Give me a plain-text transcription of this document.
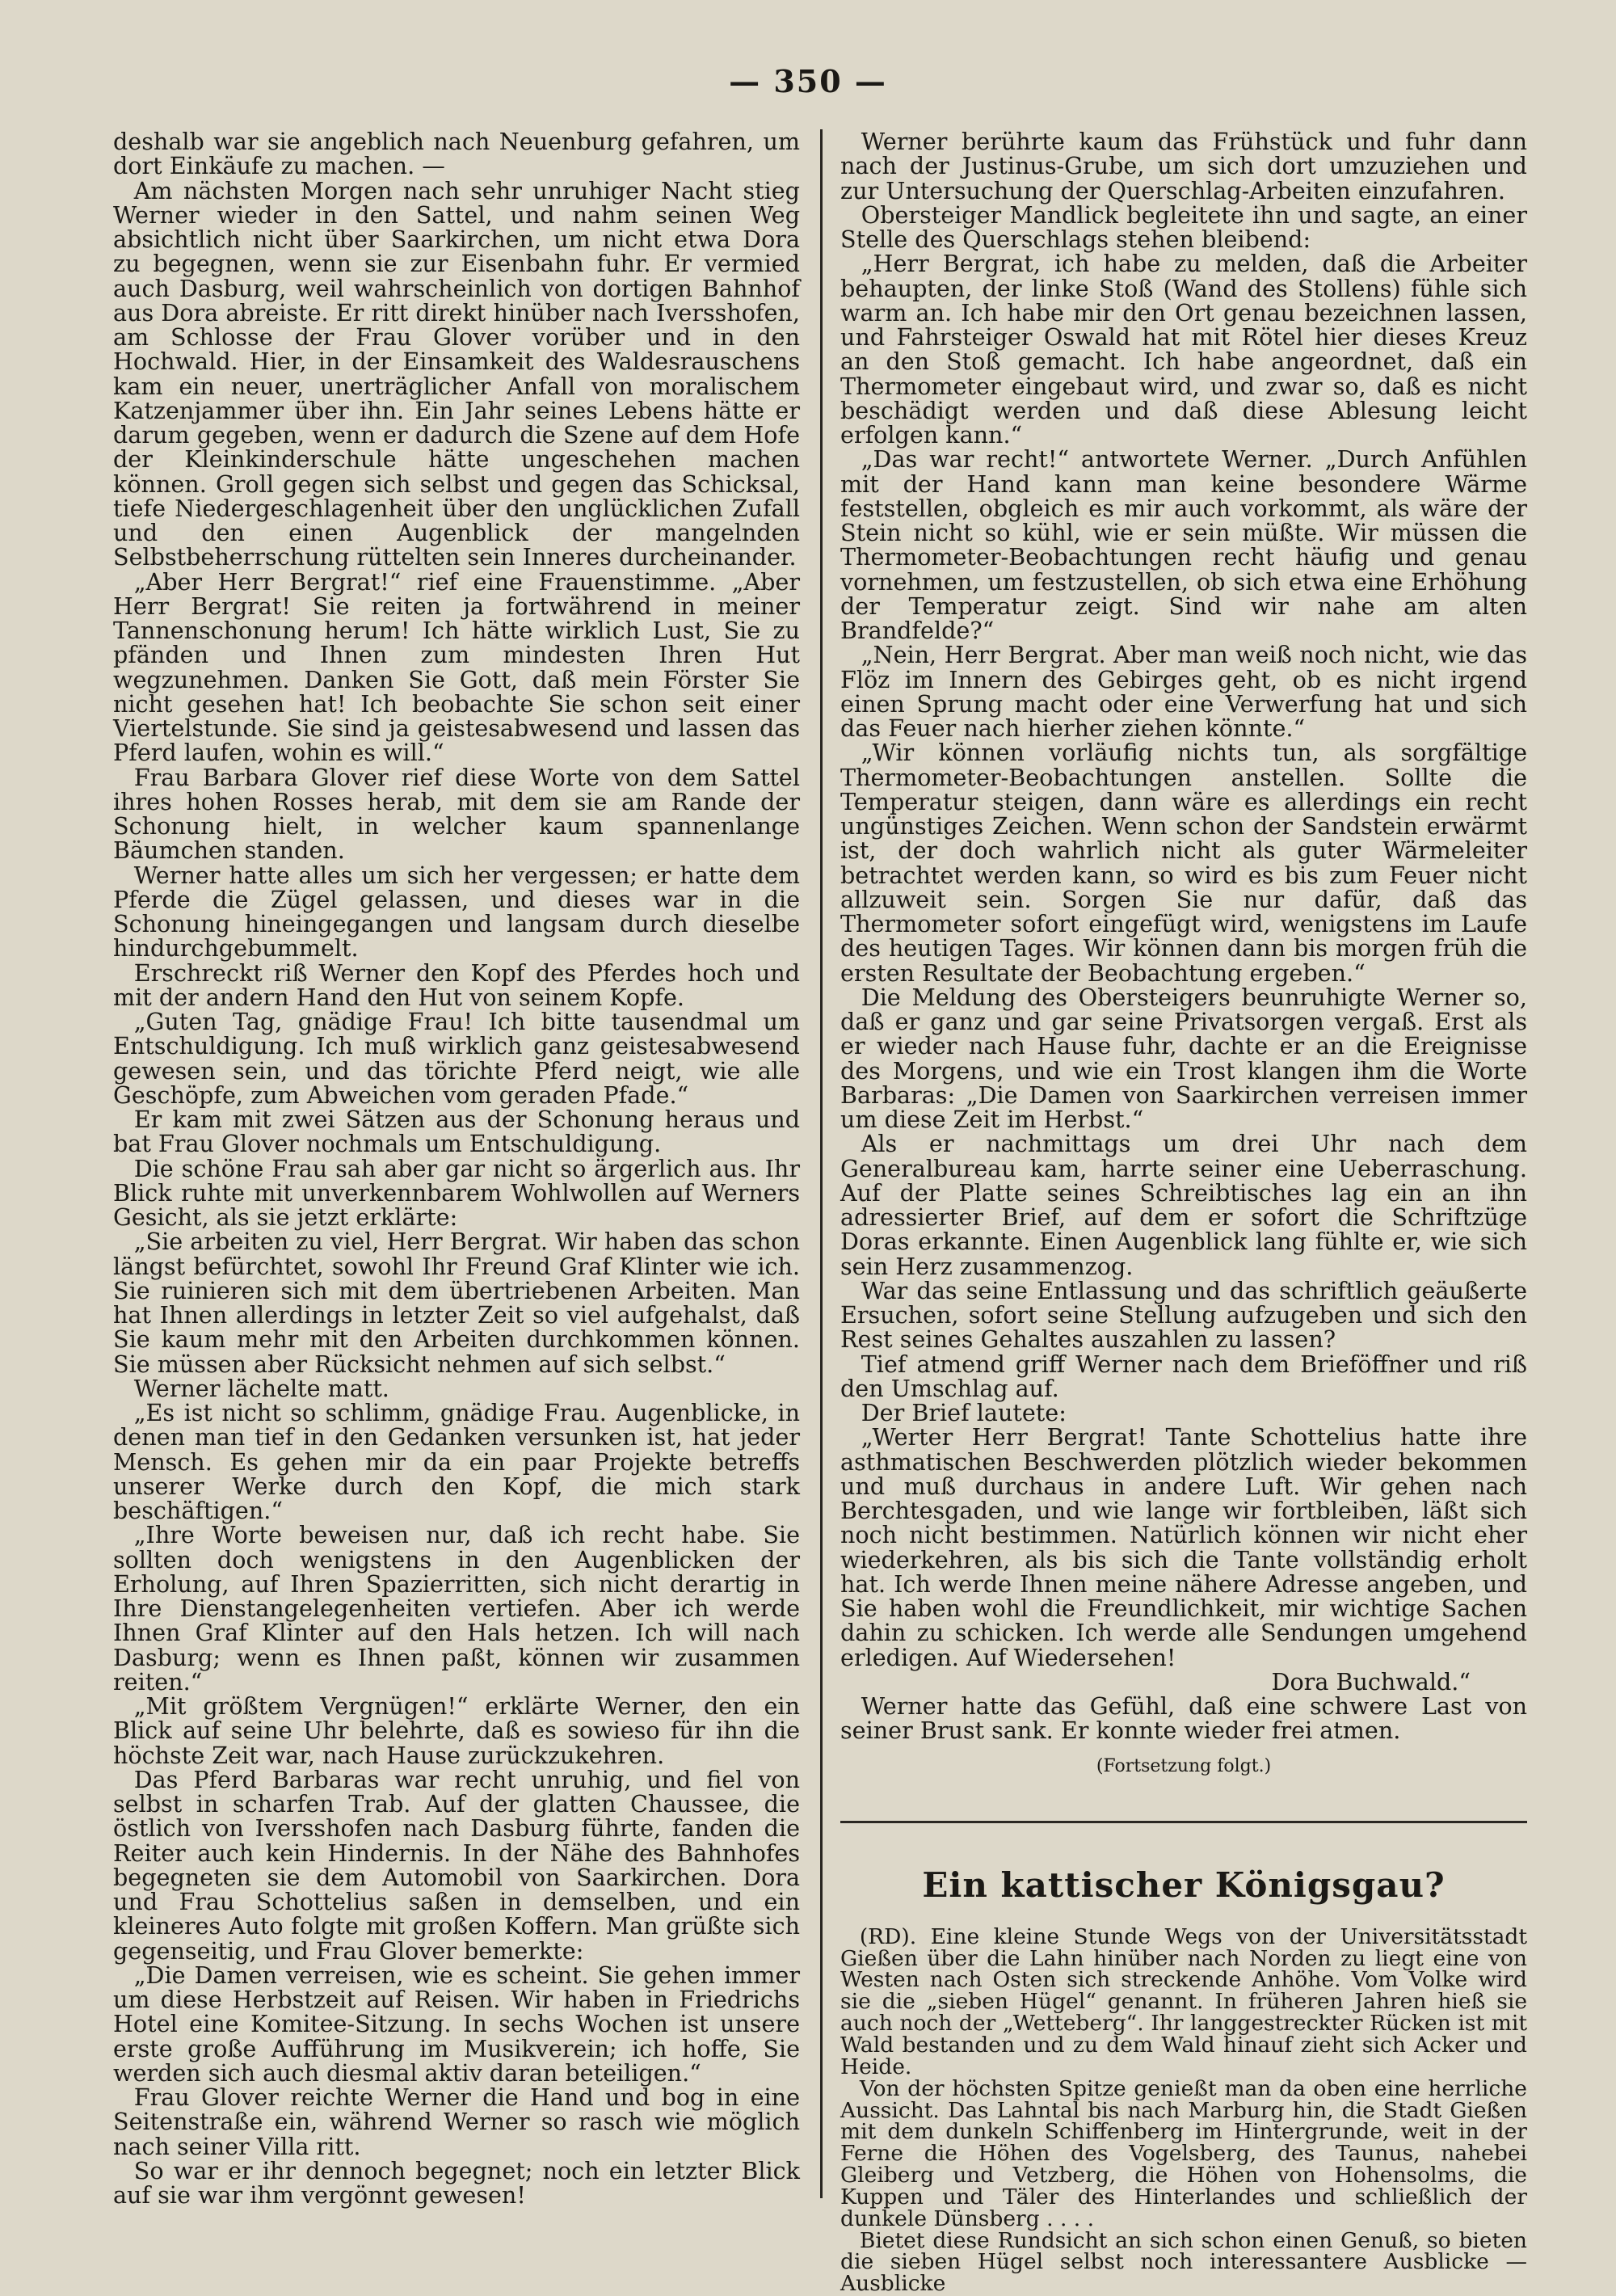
— 350 —

deshalb war sie angeblich nach Neuenburg gefahren, um dort Einkäufe zu machen. —

Am nächsten Morgen nach sehr unruhiger Nacht stieg Werner wieder in den Sattel, und nahm seinen Weg absichtlich nicht über Saarkirchen, um nicht etwa Dora zu begegnen, wenn sie zur Eisenbahn fuhr. Er vermied auch Dasburg, weil wahrscheinlich von dortigen Bahnhof aus Dora abreiste. Er ritt direkt hinüber nach Iversshofen, am Schlosse der Frau Glover vorüber und in den Hochwald. Hier, in der Einsamkeit des Waldesrauschens kam ein neuer, unerträglicher Anfall von moralischem Katzenjammer über ihn. Ein Jahr seines Lebens hätte er darum gegeben, wenn er dadurch die Szene auf dem Hofe der Kleinkinderschule hätte ungeschehen machen können. Groll gegen sich selbst und gegen das Schicksal, tiefe Niedergeschlagenheit über den unglücklichen Zufall und den einen Augenblick der mangelnden Selbstbeherrschung rüttelten sein Inneres durcheinander.

„Aber Herr Bergrat!“ rief eine Frauenstimme. „Aber Herr Bergrat! Sie reiten ja fortwährend in meiner Tannenschonung herum! Ich hätte wirklich Lust, Sie zu pfänden und Ihnen zum mindesten Ihren Hut wegzunehmen. Danken Sie Gott, daß mein Förster Sie nicht gesehen hat! Ich beobachte Sie schon seit einer Viertelstunde. Sie sind ja geistesabwesend und lassen das Pferd laufen, wohin es will.“

Frau Barbara Glover rief diese Worte von dem Sattel ihres hohen Rosses herab, mit dem sie am Rande der Schonung hielt, in welcher kaum spannenlange Bäumchen standen.

Werner hatte alles um sich her vergessen; er hatte dem Pferde die Zügel gelassen, und dieses war in die Schonung hineingegangen und langsam durch dieselbe hindurchgebummelt.

Erschreckt riß Werner den Kopf des Pferdes hoch und mit der andern Hand den Hut von seinem Kopfe.

„Guten Tag, gnädige Frau! Ich bitte tausendmal um Entschuldigung. Ich muß wirklich ganz geistesabwesend gewesen sein, und das törichte Pferd neigt, wie alle Geschöpfe, zum Abweichen vom geraden Pfade.“

Er kam mit zwei Sätzen aus der Schonung heraus und bat Frau Glover nochmals um Entschuldigung.

Die schöne Frau sah aber gar nicht so ärgerlich aus. Ihr Blick ruhte mit unverkennbarem Wohlwollen auf Werners Gesicht, als sie jetzt erklärte:

„Sie arbeiten zu viel, Herr Bergrat. Wir haben das schon längst befürchtet, sowohl Ihr Freund Graf Klinter wie ich. Sie ruinieren sich mit dem übertriebenen Arbeiten. Man hat Ihnen allerdings in letzter Zeit so viel aufgehalst, daß Sie kaum mehr mit den Arbeiten durchkommen können. Sie müssen aber Rücksicht nehmen auf sich selbst.“

Werner lächelte matt.

„Es ist nicht so schlimm, gnädige Frau. Augenblicke, in denen man tief in den Gedanken versunken ist, hat jeder Mensch. Es gehen mir da ein paar Projekte betreffs unserer Werke durch den Kopf, die mich stark beschäftigen.“

„Ihre Worte beweisen nur, daß ich recht habe. Sie sollten doch wenigstens in den Augenblicken der Erholung, auf Ihren Spazierritten, sich nicht derartig in Ihre Dienstangelegenheiten vertiefen. Aber ich werde Ihnen Graf Klinter auf den Hals hetzen. Ich will nach Dasburg; wenn es Ihnen paßt, können wir zusammen reiten.“

„Mit größtem Vergnügen!“ erklärte Werner, den ein Blick auf seine Uhr belehrte, daß es sowieso für ihn die höchste Zeit war, nach Hause zurückzukehren.

Das Pferd Barbaras war recht unruhig, und fiel von selbst in scharfen Trab. Auf der glatten Chaussee, die östlich von Iversshofen nach Dasburg führte, fanden die Reiter auch kein Hindernis. In der Nähe des Bahnhofes begegneten sie dem Automobil von Saarkirchen. Dora und Frau Schottelius saßen in demselben, und ein kleineres Auto folgte mit großen Koffern. Man grüßte sich gegenseitig, und Frau Glover bemerkte:

„Die Damen verreisen, wie es scheint. Sie gehen immer um diese Herbstzeit auf Reisen. Wir haben in Friedrichs Hotel eine Komitee-Sitzung. In sechs Wochen ist unsere erste große Aufführung im Musikverein; ich hoffe, Sie werden sich auch diesmal aktiv daran beteiligen.“

Frau Glover reichte Werner die Hand und bog in eine Seitenstraße ein, während Werner so rasch wie möglich nach seiner Villa ritt.

So war er ihr dennoch begegnet; noch ein letzter Blick auf sie war ihm vergönnt gewesen!

Werner berührte kaum das Frühstück und fuhr dann nach der Justinus-Grube, um sich dort umzuziehen und zur Untersuchung der Querschlag-Arbeiten einzufahren.

Obersteiger Mandlick begleitete ihn und sagte, an einer Stelle des Querschlags stehen bleibend:

„Herr Bergrat, ich habe zu melden, daß die Arbeiter behaupten, der linke Stoß (Wand des Stollens) fühle sich warm an. Ich habe mir den Ort genau bezeichnen lassen, und Fahrsteiger Oswald hat mit Rötel hier dieses Kreuz an den Stoß gemacht. Ich habe angeordnet, daß ein Thermometer eingebaut wird, und zwar so, daß es nicht beschädigt werden und daß diese Ablesung leicht erfolgen kann.“

„Das war recht!“ antwortete Werner. „Durch Anfühlen mit der Hand kann man keine besondere Wärme feststellen, obgleich es mir auch vorkommt, als wäre der Stein nicht so kühl, wie er sein müßte. Wir müssen die Thermometer-Beobachtungen recht häufig und genau vornehmen, um festzustellen, ob sich etwa eine Erhöhung der Temperatur zeigt. Sind wir nahe am alten Brandfelde?“

„Nein, Herr Bergrat. Aber man weiß noch nicht, wie das Flöz im Innern des Gebirges geht, ob es nicht irgend einen Sprung macht oder eine Verwerfung hat und sich das Feuer nach hierher ziehen könnte.“

„Wir können vorläufig nichts tun, als sorgfältige Thermometer-Beobachtungen anstellen. Sollte die Temperatur steigen, dann wäre es allerdings ein recht ungünstiges Zeichen. Wenn schon der Sandstein erwärmt ist, der doch wahrlich nicht als guter Wärmeleiter betrachtet werden kann, so wird es bis zum Feuer nicht allzuweit sein. Sorgen Sie nur dafür, daß das Thermometer sofort eingefügt wird, wenigstens im Laufe des heutigen Tages. Wir können dann bis morgen früh die ersten Resultate der Beobachtung ergeben.“

Die Meldung des Obersteigers beunruhigte Werner so, daß er ganz und gar seine Privatsorgen vergaß. Erst als er wieder nach Hause fuhr, dachte er an die Ereignisse des Morgens, und wie ein Trost klangen ihm die Worte Barbaras: „Die Damen von Saarkirchen verreisen immer um diese Zeit im Herbst.“

Als er nachmittags um drei Uhr nach dem Generalbureau kam, harrte seiner eine Ueberraschung. Auf der Platte seines Schreibtisches lag ein an ihn adressierter Brief, auf dem er sofort die Schriftzüge Doras erkannte. Einen Augenblick lang fühlte er, wie sich sein Herz zusammenzog.

War das seine Entlassung und das schriftlich geäußerte Ersuchen, sofort seine Stellung aufzugeben und sich den Rest seines Gehaltes auszahlen zu lassen?

Tief atmend griff Werner nach dem Brieföffner und riß den Umschlag auf.

Der Brief lautete:

„Werter Herr Bergrat! Tante Schottelius hatte ihre asthmatischen Beschwerden plötzlich wieder bekommen und muß durchaus in andere Luft. Wir gehen nach Berchtesgaden, und wie lange wir fortbleiben, läßt sich noch nicht bestimmen. Natürlich können wir nicht eher wiederkehren, als bis sich die Tante vollständig erholt hat. Ich werde Ihnen meine nähere Adresse angeben, und Sie haben wohl die Freundlichkeit, mir wichtige Sachen dahin zu schicken. Ich werde alle Sendungen umgehend erledigen. Auf Wiedersehen!

Dora Buchwald.“

Werner hatte das Gefühl, daß eine schwere Last von seiner Brust sank. Er konnte wieder frei atmen.

(Fortsetzung folgt.)

Ein kattischer Königsgau?

(RD). Eine kleine Stunde Wegs von der Universitätsstadt Gießen über die Lahn hinüber nach Norden zu liegt eine von Westen nach Osten sich streckende Anhöhe. Vom Volke wird sie die „sieben Hügel“ genannt. In früheren Jahren hieß sie auch noch der „Wetteberg“. Ihr langgestreckter Rücken ist mit Wald bestanden und zu dem Wald hinauf zieht sich Acker und Heide.

Von der höchsten Spitze genießt man da oben eine herrliche Aussicht. Das Lahntal bis nach Marburg hin, die Stadt Gießen mit dem dunkeln Schiffenberg im Hintergrunde, weit in der Ferne die Höhen des Vogelsberg, des Taunus, nahebei Gleiberg und Vetzberg, die Höhen von Hohensolms, die Kuppen und Täler des Hinterlandes und schließlich der dunkele Dünsberg . . . .

Bietet diese Rundsicht an sich schon einen Genuß, so bieten die sieben Hügel selbst noch interessantere Ausblicke — Ausblicke
